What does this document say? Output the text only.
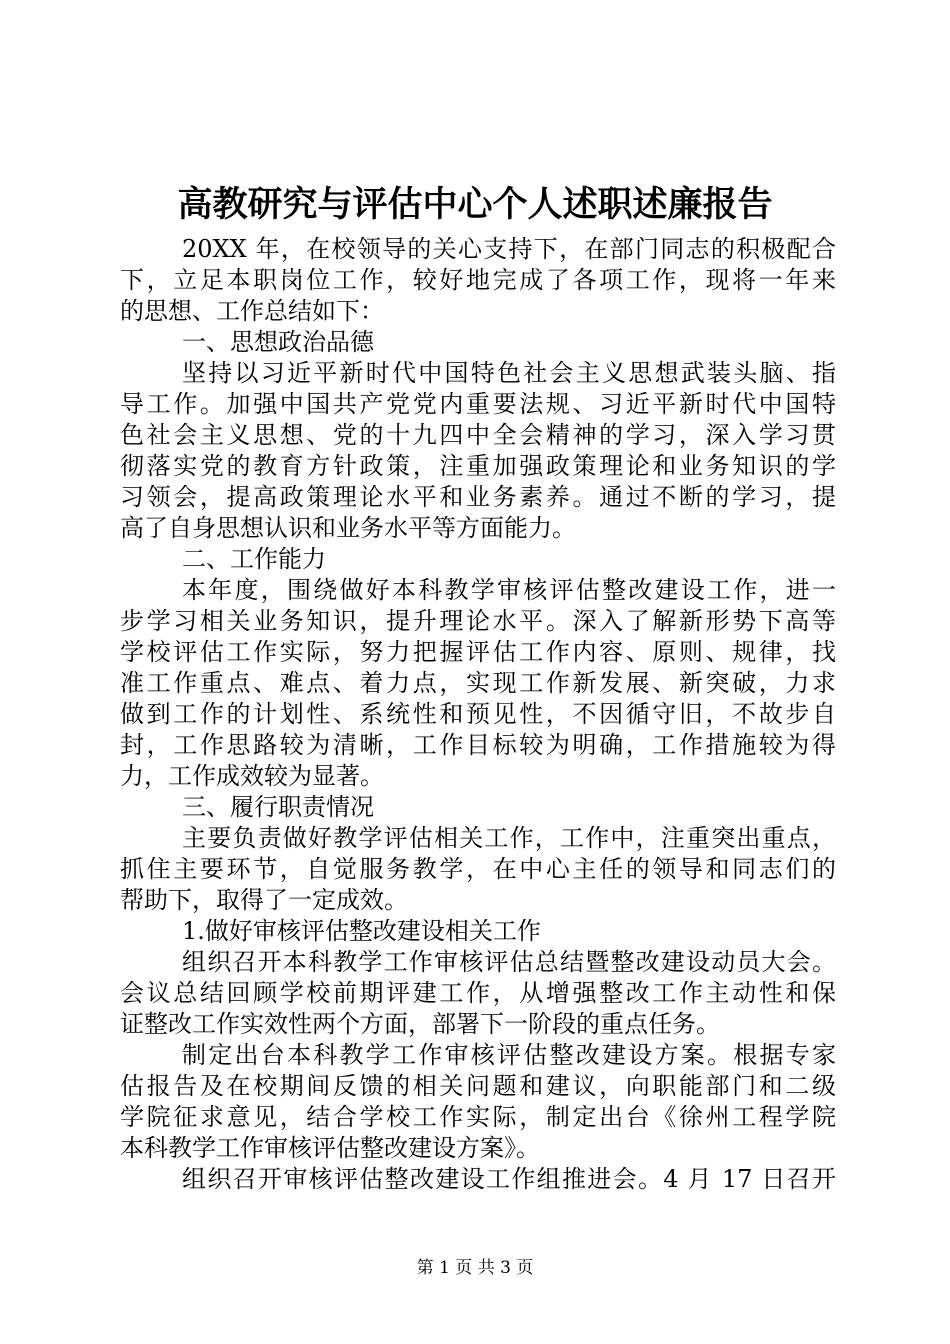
高教研究与评估中心个人述职述廉报告
20XX 年，在校领导的关心支持下，在部门同志的积极配合
下，立足本职岗位工作，较好地完成了各项工作，现将一年来
的思想、工作总结如下：
一、思想政治品德
坚持以习近平新时代中国特色社会主义思想武装头脑、指
导工作。加强中国共产党党内重要法规、习近平新时代中国特
色社会主义思想、党的十九四中全会精神的学习，深入学习贯
彻落实党的教育方针政策，注重加强政策理论和业务知识的学
习领会，提高政策理论水平和业务素养。通过不断的学习，提
高了自身思想认识和业务水平等方面能力。
二、工作能力
本年度，围绕做好本科教学审核评估整改建设工作，进一
步学习相关业务知识，提升理论水平。深入了解新形势下高等
学校评估工作实际，努力把握评估工作内容、原则、规律，找
准工作重点、难点、着力点，实现工作新发展、新突破，力求
做到工作的计划性、系统性和预见性，不因循守旧，不故步自
封，工作思路较为清晰，工作目标较为明确，工作措施较为得
力，工作成效较为显著。
三、履行职责情况
主要负责做好教学评估相关工作，工作中，注重突出重点，
抓住主要环节，自觉服务教学，在中心主任的领导和同志们的
帮助下，取得了一定成效。
1.做好审核评估整改建设相关工作
组织召开本科教学工作审核评估总结暨整改建设动员大会。
会议总结回顾学校前期评建工作，从增强整改工作主动性和保
证整改工作实效性两个方面，部署下一阶段的重点任务。
制定出台本科教学工作审核评估整改建设方案。根据专家
估报告及在校期间反馈的相关问题和建议，向职能部门和二级
学院征求意见，结合学校工作实际，制定出台《徐州工程学院
本科教学工作审核评估整改建设方案》。
组织召开审核评估整改建设工作组推进会。4 月 17 日召开
第 1 页 共 3 页
